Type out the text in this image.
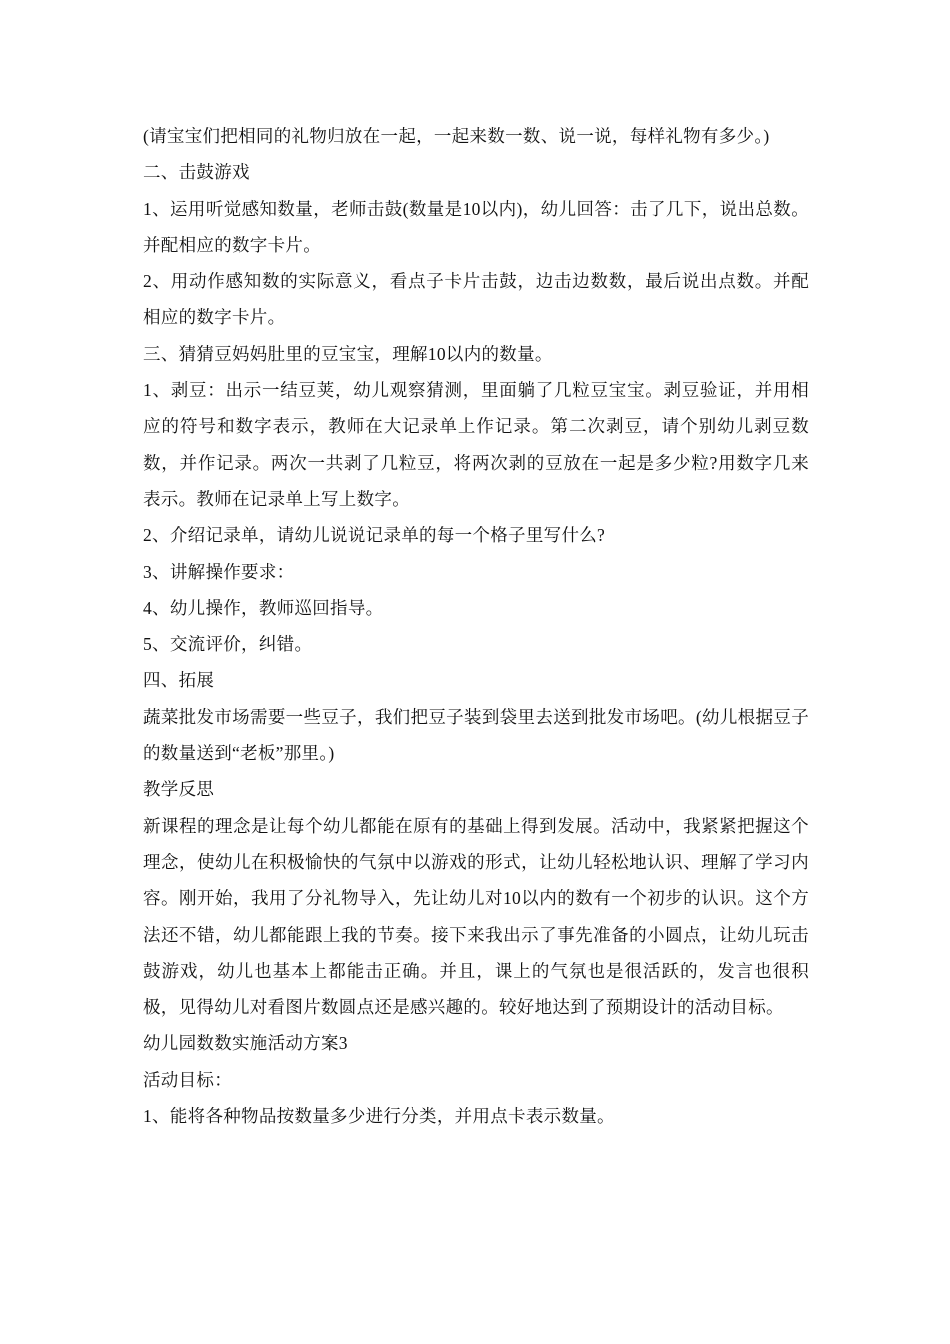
(请宝宝们把相同的礼物归放在一起，一起来数一数、说一说，每样礼物有多少。)

二、击鼓游戏

1、运用听觉感知数量，老师击鼓(数量是10以内)，幼儿回答：击了几下，说出总数。并配相应的数字卡片。

2、用动作感知数的实际意义，看点子卡片击鼓，边击边数数，最后说出点数。并配相应的数字卡片。

三、猜猜豆妈妈肚里的豆宝宝，理解10以内的数量。

1、剥豆：出示一结豆荚，幼儿观察猜测，里面躺了几粒豆宝宝。剥豆验证，并用相应的符号和数字表示，教师在大记录单上作记录。第二次剥豆，请个别幼儿剥豆数数，并作记录。两次一共剥了几粒豆，将两次剥的豆放在一起是多少粒?用数字几来表示。教师在记录单上写上数字。

2、介绍记录单，请幼儿说说记录单的每一个格子里写什么?

3、讲解操作要求：

4、幼儿操作，教师巡回指导。

5、交流评价，纠错。

四、拓展

蔬菜批发市场需要一些豆子，我们把豆子装到袋里去送到批发市场吧。(幼儿根据豆子的数量送到“老板”那里。)

教学反思

新课程的理念是让每个幼儿都能在原有的基础上得到发展。活动中，我紧紧把握这个理念，使幼儿在积极愉快的气氛中以游戏的形式，让幼儿轻松地认识、理解了学习内容。刚开始，我用了分礼物导入，先让幼儿对10以内的数有一个初步的认识。这个方法还不错，幼儿都能跟上我的节奏。接下来我出示了事先准备的小圆点，让幼儿玩击鼓游戏，幼儿也基本上都能击正确。并且，课上的气氛也是很活跃的，发言也很积极，见得幼儿对看图片数圆点还是感兴趣的。较好地达到了预期设计的活动目标。

幼儿园数数实施活动方案3

活动目标：

1、能将各种物品按数量多少进行分类，并用点卡表示数量。
